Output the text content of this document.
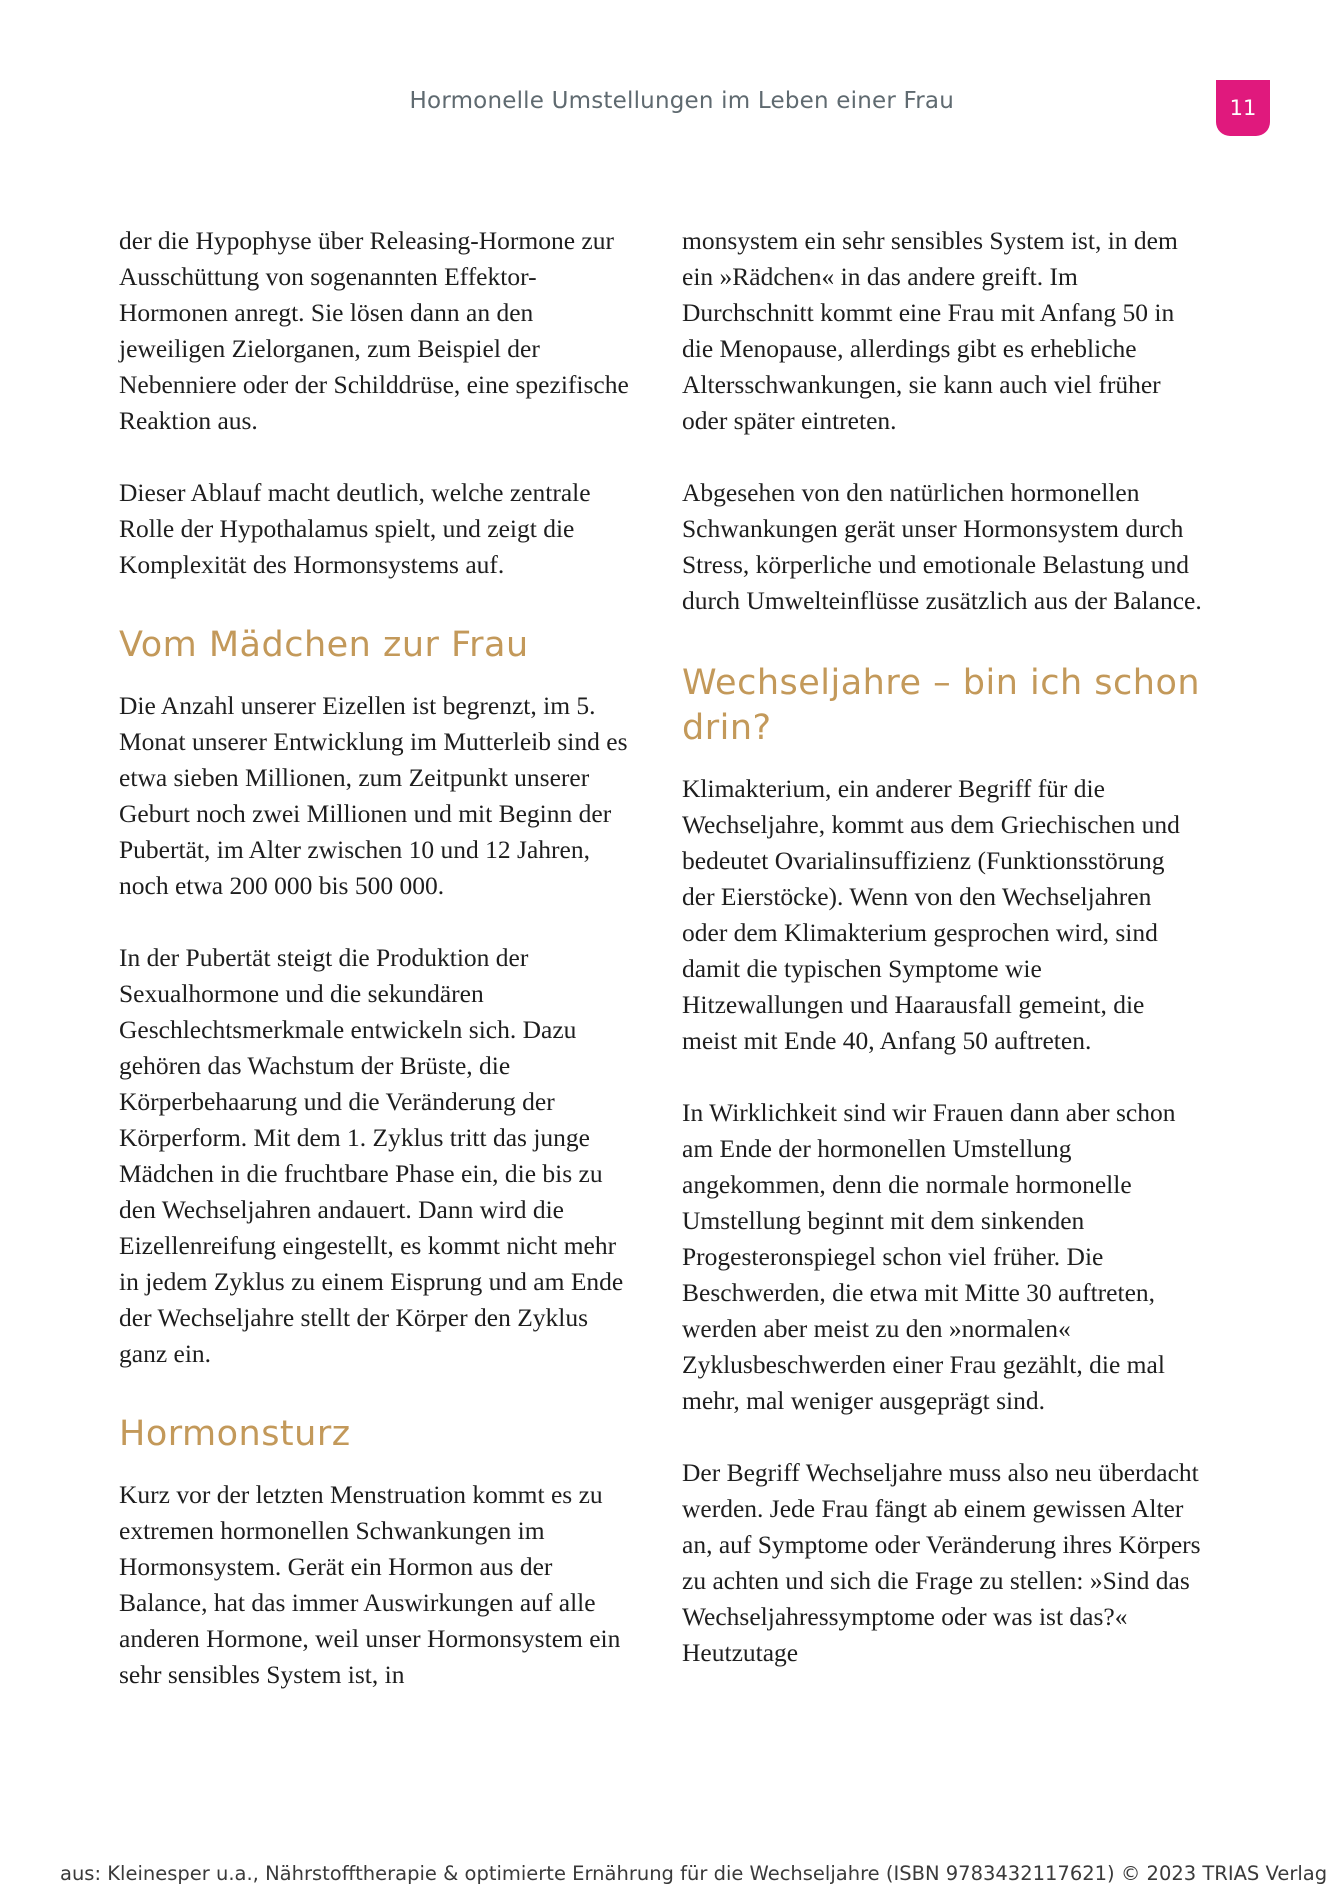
Hormonelle Umstellungen im Leben einer Frau	11

der die Hypophyse über Releasing-Hormone zur Ausschüttung von sogenannten Effektor-Hormonen anregt. Sie lösen dann an den jeweiligen Zielorganen, zum Beispiel der Nebenniere oder der Schilddrüse, eine spezifische Reaktion aus.

Dieser Ablauf macht deutlich, welche zentrale Rolle der Hypothalamus spielt, und zeigt die Komplexität des Hormonsystems auf.

Vom Mädchen zur Frau

Die Anzahl unserer Eizellen ist begrenzt, im 5. Monat unserer Entwicklung im Mutterleib sind es etwa sieben Millionen, zum Zeitpunkt unserer Geburt noch zwei Millionen und mit Beginn der Pubertät, im Alter zwischen 10 und 12 Jahren, noch etwa 200 000 bis 500 000.

In der Pubertät steigt die Produktion der Sexualhormone und die sekundären Geschlechtsmerkmale entwickeln sich. Dazu gehören das Wachstum der Brüste, die Körperbehaarung und die Veränderung der Körperform. Mit dem 1. Zyklus tritt das junge Mädchen in die fruchtbare Phase ein, die bis zu den Wechseljahren andauert. Dann wird die Eizellenreifung eingestellt, es kommt nicht mehr in jedem Zyklus zu einem Eisprung und am Ende der Wechseljahre stellt der Körper den Zyklus ganz ein.

Hormonsturz

Kurz vor der letzten Menstruation kommt es zu extremen hormonellen Schwankungen im Hormonsystem. Gerät ein Hormon aus der Balance, hat das immer Auswirkungen auf alle anderen Hormone, weil unser Hormonsystem ein sehr sensibles System ist, in

monsystem ein sehr sensibles System ist, in dem ein »Rädchen« in das andere greift. Im Durchschnitt kommt eine Frau mit Anfang 50 in die Menopause, allerdings gibt es erhebliche Altersschwankungen, sie kann auch viel früher oder später eintreten.

Abgesehen von den natürlichen hormonellen Schwankungen gerät unser Hormonsystem durch Stress, körperliche und emotionale Belastung und durch Umwelteinflüsse zusätzlich aus der Balance.

Wechseljahre – bin ich schon drin?

Klimakterium, ein anderer Begriff für die Wechseljahre, kommt aus dem Griechischen und bedeutet Ovarialinsuffizienz (Funktionsstörung der Eierstöcke). Wenn von den Wechseljahren oder dem Klimakterium gesprochen wird, sind damit die typischen Symptome wie Hitzewallungen und Haarausfall gemeint, die meist mit Ende 40, Anfang 50 auftreten.

In Wirklichkeit sind wir Frauen dann aber schon am Ende der hormonellen Umstellung angekommen, denn die normale hormonelle Umstellung beginnt mit dem sinkenden Progesteronspiegel schon viel früher. Die Beschwerden, die etwa mit Mitte 30 auftreten, werden aber meist zu den »normalen« Zyklusbeschwerden einer Frau gezählt, die mal mehr, mal weniger ausgeprägt sind.

Der Begriff Wechseljahre muss also neu überdacht werden. Jede Frau fängt ab einem gewissen Alter an, auf Symptome oder Veränderung ihres Körpers zu achten und sich die Frage zu stellen: »Sind das Wechseljahressymptome oder was ist das?« Heutzutage

aus: Kleinesper u.a., Nährstofftherapie & optimierte Ernährung für die Wechseljahre (ISBN 9783432117621) © 2023 TRIAS Verlag
